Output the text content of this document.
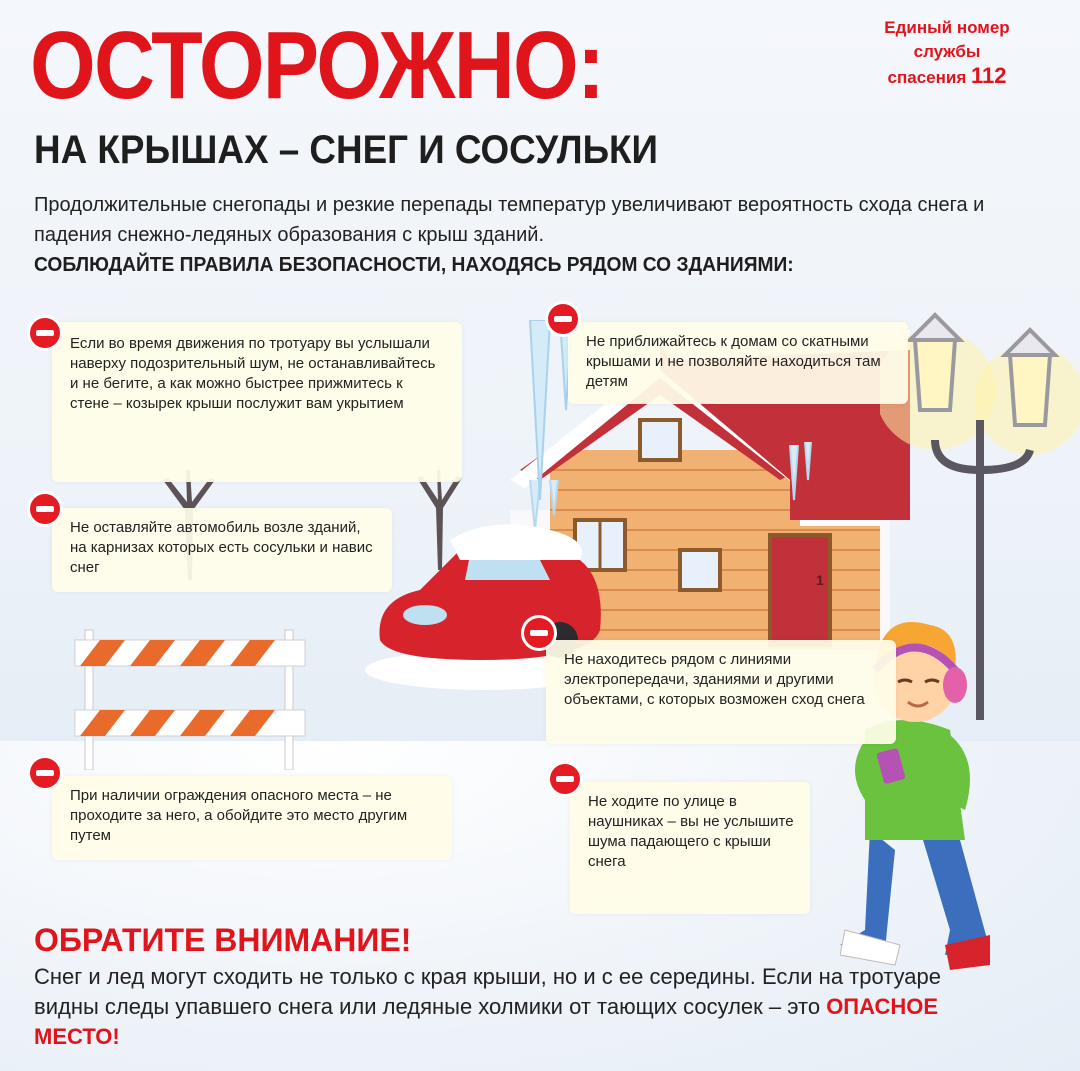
1
ОСТОРОЖНО:	Единый номер
службы
спасения 112
НА КРЫШАХ – СНЕГ И СОСУЛЬКИ
Продолжительные снегопады и резкие перепады температур увеличивают вероятность схода снега и падения снежно-ледяных образования с крыш зданий.
СОБЛЮДАЙТЕ ПРАВИЛА БЕЗОПАСНОСТИ, НАХОДЯСЬ РЯДОМ СО ЗДАНИЯМИ:
Если во время движения по тротуару вы услышали наверху подозрительный шум, не останавливайтесь и не бегите, а как можно быстрее прижмитесь к стене – козырек крыши послужит вам укрытием
Не приближайтесь к домам со скатными крышами и не позволяйте находиться там детям
Не оставляйте автомобиль возле зданий, на карнизах которых есть сосульки и навис снег
Не находитесь рядом с линиями электропередачи, зданиями и другими объектами, с которых возможен сход снега
При наличии ограждения опасного места – не проходите за него, а обойдите это место другим путем
Не ходите по улице в наушниках – вы не услышите шума падающего с крыши снега
ОБРАТИТЕ ВНИМАНИЕ!
Снег и лед могут сходить не только с края крыши, но и с ее середины. Если на тротуаре видны следы упавшего снега или ледяные холмики от тающих сосулек – это ОПАСНОЕ МЕСТО!
